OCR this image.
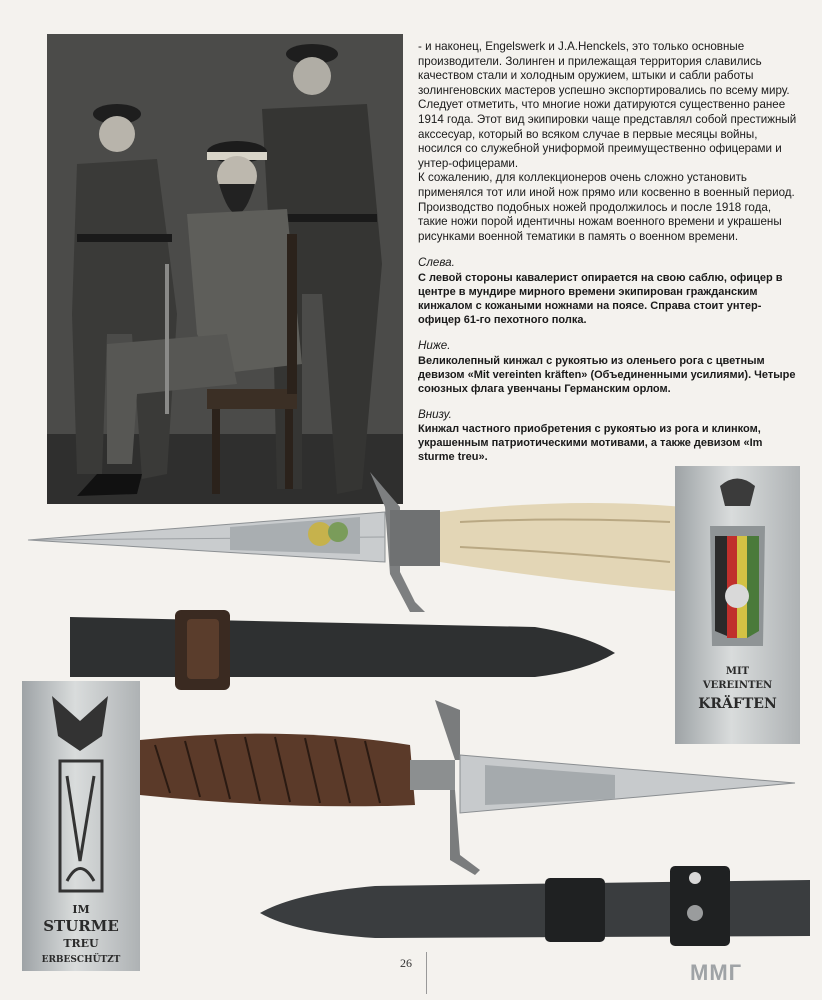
- и наконец, Engelswerk и J.A.Henckels, это только основные производители. Золинген и прилежащая территория славились качеством стали и холодным оружием, штыки и сабли работы золингеновских мастеров успешно экспортировались по всему миру.

Следует отметить, что многие ножи датируются существенно ранее 1914 года. Этот вид экипировки чаще представлял собой престижный акссесуар, который во всяком случае в первые месяцы войны, носился со служебной униформой преимущественно офицерами и унтер-офицерами.

К сожалению, для коллекционеров очень сложно установить применялся тот или иной нож прямо или косвенно в военный период. Производство подобных ножей продолжилось и после 1918 года, такие ножи порой идентичны ножам военного времени и украшены рисунками военной тематики в память о военном времени.

Слева.

С левой стороны кавалерист опирается на свою саблю, офицер в центре в мундире мирного времени экипирован гражданским кинжалом с кожаными ножнами на поясе. Справа стоит унтер-офицер 61-го пехотного полка.

Ниже.

Великолепный кинжал с рукоятью из оленьего рога с цветным девизом «Mit vereinten kräften» (Объединенными усилиями). Четыре союзных флага увенчаны Германским орлом.

Внизу.

Кинжал частного приобретения с рукоятью из рога и клинком, украшенным патриотическими мотивами, а также девизом «Im sturme treu».

MIT
VEREINTEN
KRÄFTEN
IM
STURME
TREU
ERBESCHÜTZT	26	ММГ
